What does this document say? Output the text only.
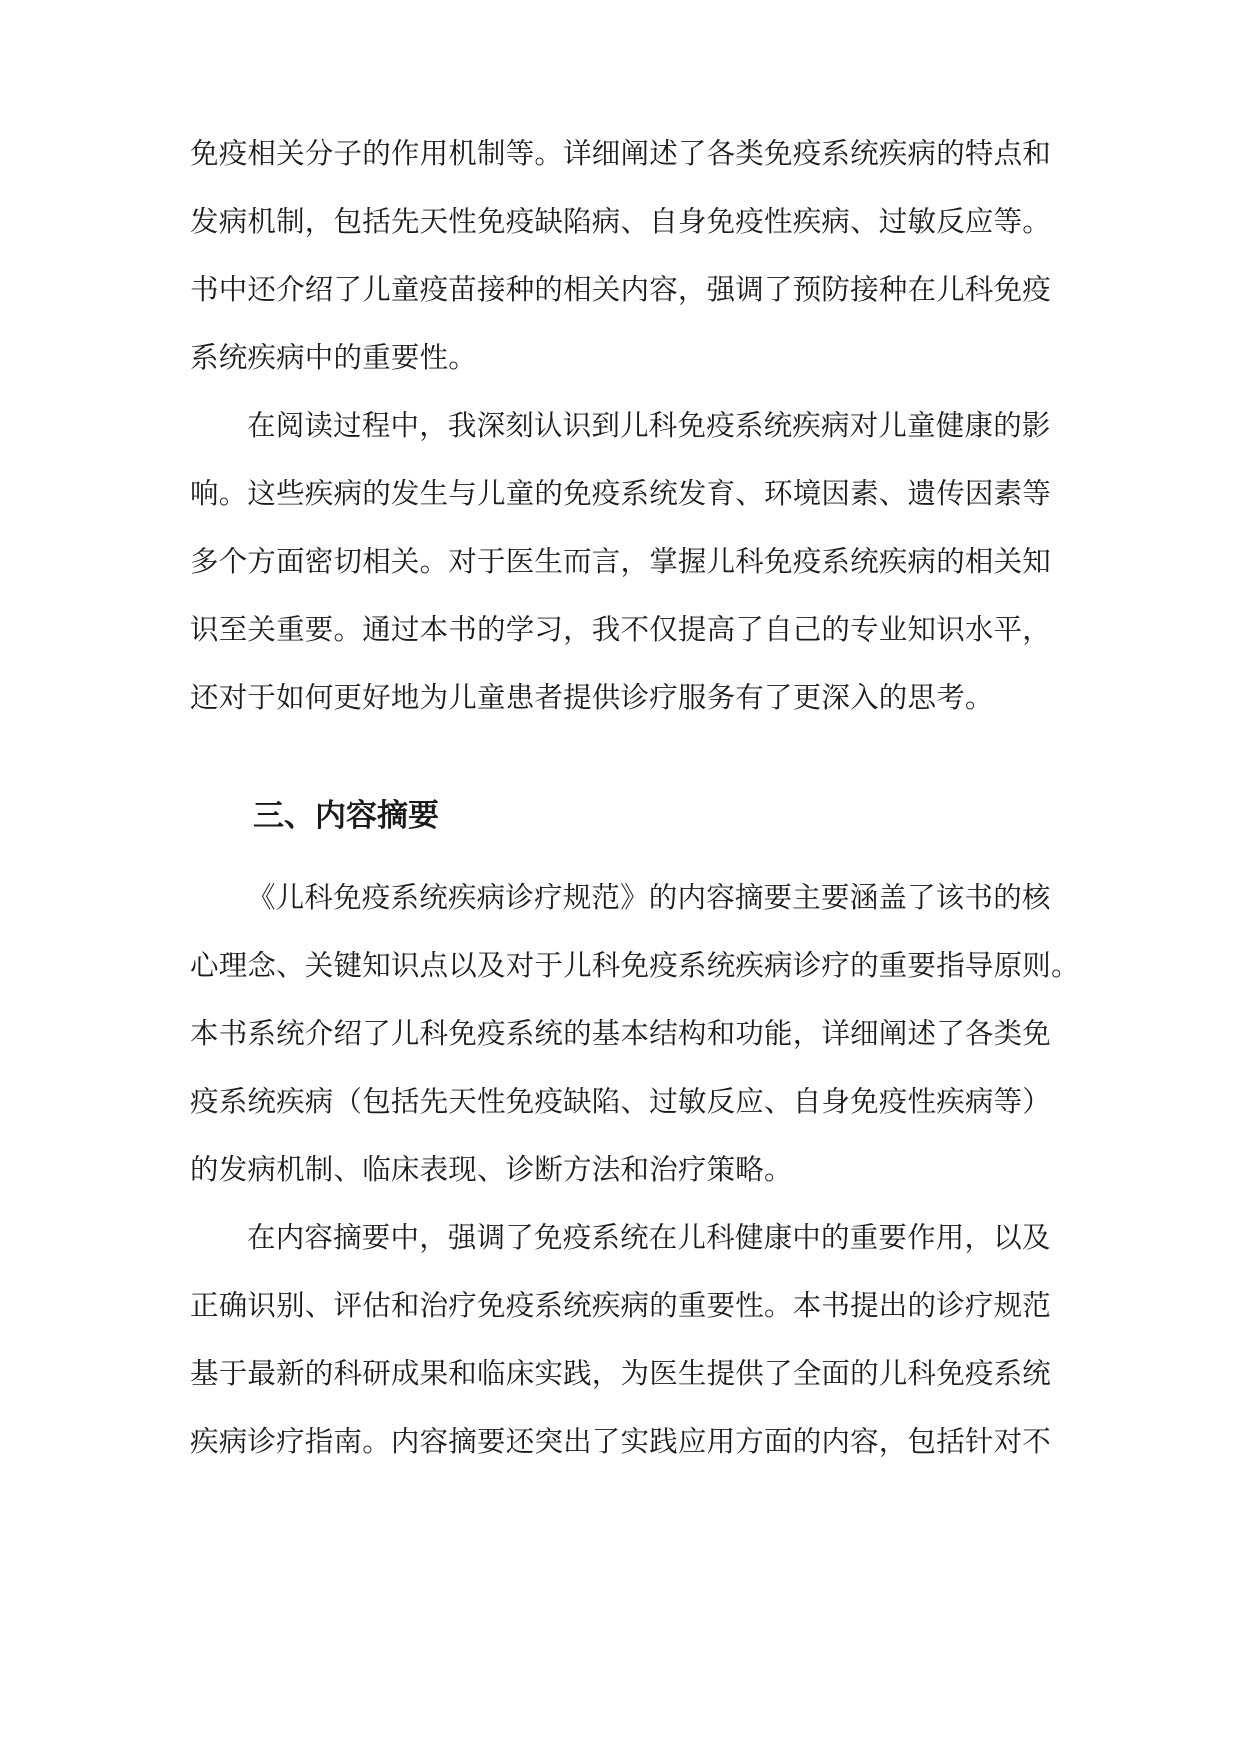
免疫相关分子的作用机制等。详细阐述了各类免疫系统疾病的特点和
发病机制，包括先天性免疫缺陷病、自身免疫性疾病、过敏反应等。
书中还介绍了儿童疫苗接种的相关内容，强调了预防接种在儿科免疫
系统疾病中的重要性。
在阅读过程中，我深刻认识到儿科免疫系统疾病对儿童健康的影
响。这些疾病的发生与儿童的免疫系统发育、环境因素、遗传因素等
多个方面密切相关。对于医生而言，掌握儿科免疫系统疾病的相关知
识至关重要。通过本书的学习，我不仅提高了自己的专业知识水平，
还对于如何更好地为儿童患者提供诊疗服务有了更深入的思考。
三、内容摘要
《儿科免疫系统疾病诊疗规范》的内容摘要主要涵盖了该书的核
心理念、关键知识点以及对于儿科免疫系统疾病诊疗的重要指导原则。
本书系统介绍了儿科免疫系统的基本结构和功能，详细阐述了各类免
疫系统疾病（包括先天性免疫缺陷、过敏反应、自身免疫性疾病等）
的发病机制、临床表现、诊断方法和治疗策略。
在内容摘要中，强调了免疫系统在儿科健康中的重要作用，以及
正确识别、评估和治疗免疫系统疾病的重要性。本书提出的诊疗规范
基于最新的科研成果和临床实践，为医生提供了全面的儿科免疫系统
疾病诊疗指南。内容摘要还突出了实践应用方面的内容，包括针对不
